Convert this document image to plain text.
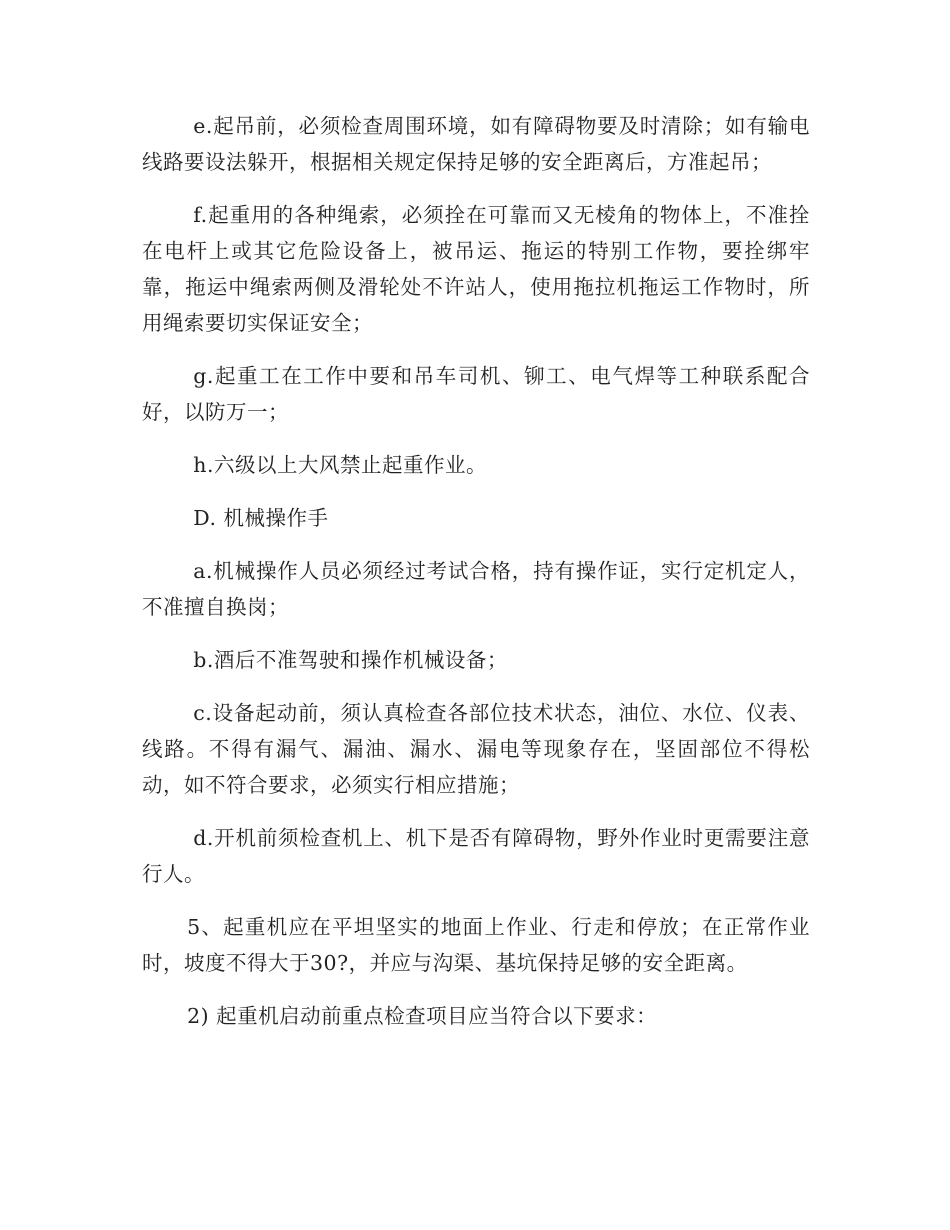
e.起吊前，必须检查周围环境，如有障碍物要及时清除；如有输电线路要设法躲开，根据相关规定保持足够的安全距离后，方准起吊；

f.起重用的各种绳索，必须拴在可靠而又无棱角的物体上，不准拴在电杆上或其它危险设备上，被吊运、拖运的特别工作物，要拴绑牢靠，拖运中绳索两侧及滑轮处不许站人，使用拖拉机拖运工作物时，所用绳索要切实保证安全；

g.起重工在工作中要和吊车司机、铆工、电气焊等工种联系配合好，以防万一；

h.六级以上大风禁止起重作业。

D. 机械操作手

a.机械操作人员必须经过考试合格，持有操作证，实行定机定人，不准擅自换岗；

b.酒后不准驾驶和操作机械设备；

c.设备起动前，须认真检查各部位技术状态，油位、水位、仪表、线路。不得有漏气、漏油、漏水、漏电等现象存在，坚固部位不得松动，如不符合要求，必须实行相应措施；

d.开机前须检查机上、机下是否有障碍物，野外作业时更需要注意行人。

5、起重机应在平坦坚实的地面上作业、行走和停放；在正常作业时，坡度不得大于30?，并应与沟渠、基坑保持足够的安全距离。

2) 起重机启动前重点检查项目应当符合以下要求：
